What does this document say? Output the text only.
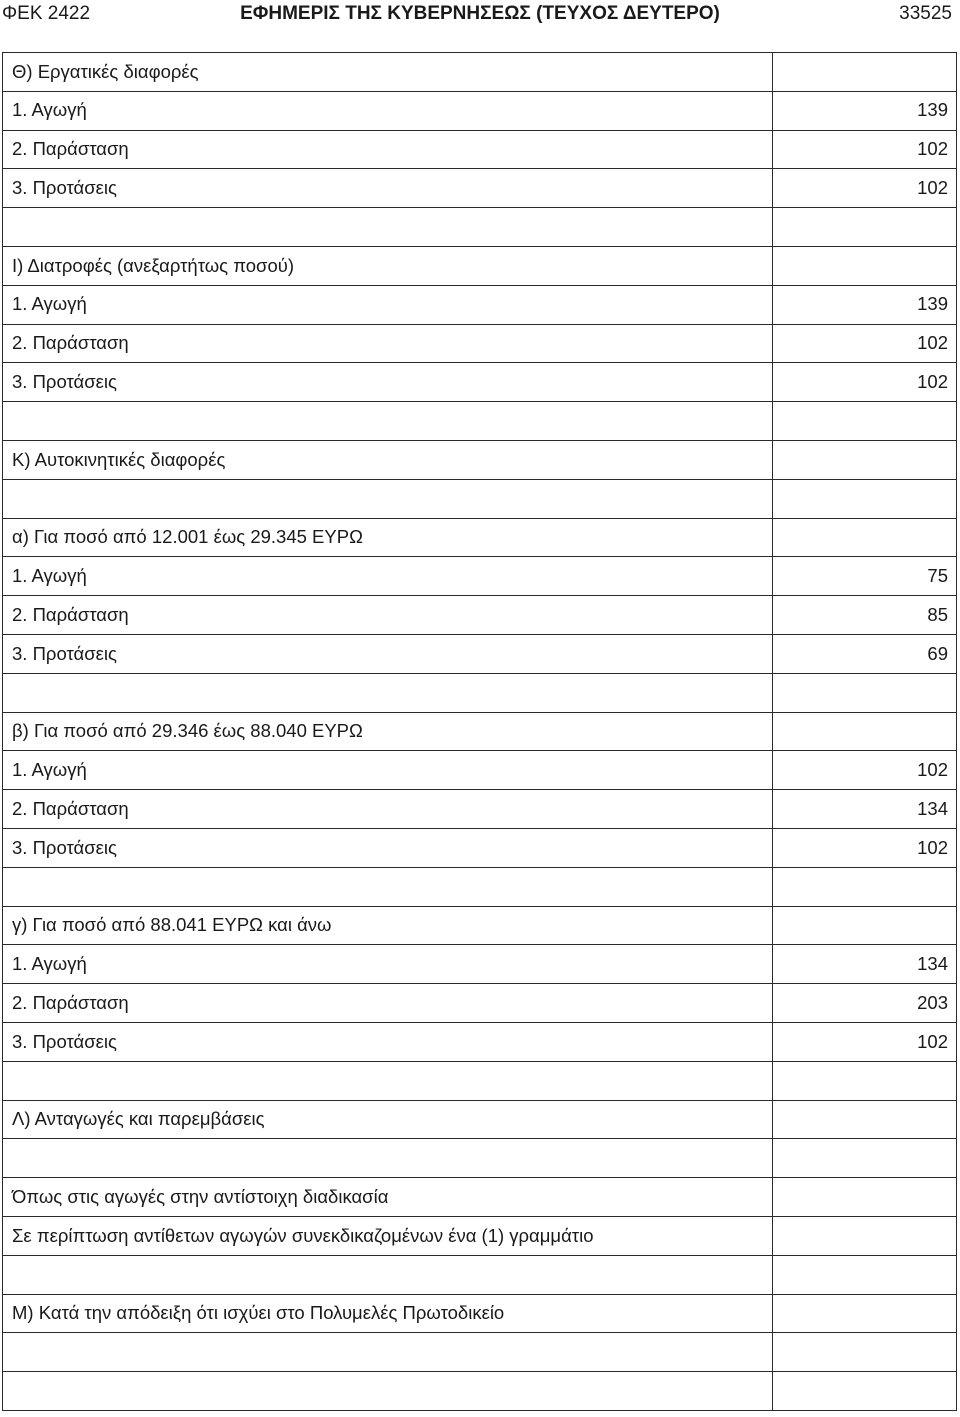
ΦΕΚ 2422	ΕΦΗΜΕΡΙΣ ΤΗΣ ΚΥΒΕΡΝΗΣΕΩΣ (ΤΕΥΧΟΣ ΔΕΥΤΕΡΟ)	33525
Θ) Εργατικές διαφορές	
1. Αγωγή	139
2. Παράσταση	102
3. Προτάσεις	102

Ι) Διατροφές (ανεξαρτήτως ποσού)	
1. Αγωγή	139
2. Παράσταση	102
3. Προτάσεις	102

Κ) Αυτοκινητικές διαφορές	

α) Για ποσό από 12.001 έως 29.345 ΕΥΡΩ	
1. Αγωγή	75
2. Παράσταση	85
3. Προτάσεις	69

β) Για ποσό από 29.346 έως 88.040 ΕΥΡΩ	
1. Αγωγή	102
2. Παράσταση	134
3. Προτάσεις	102

γ) Για ποσό από 88.041 ΕΥΡΩ και άνω	
1. Αγωγή	134
2. Παράσταση	203
3. Προτάσεις	102

Λ) Ανταγωγές και παρεμβάσεις	

Όπως στις αγωγές στην αντίστοιχη διαδικασία	
Σε περίπτωση αντίθετων αγωγών συνεκδικαζομένων ένα (1) γραμμάτιο	

Μ) Κατά την απόδειξη ότι ισχύει στο Πολυμελές Πρωτοδικείο	
